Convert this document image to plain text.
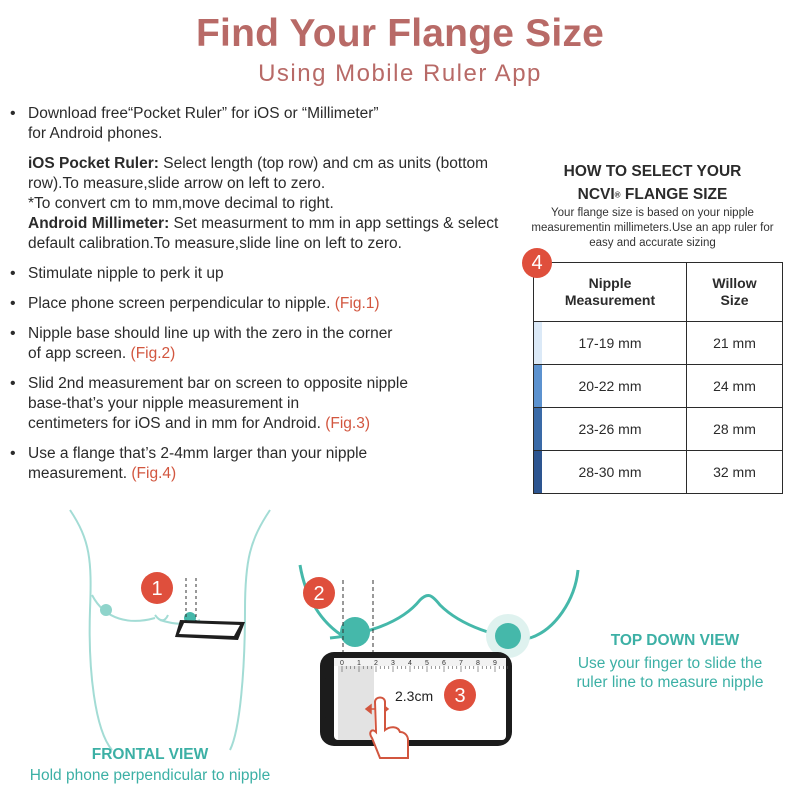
Find Your Flange Size
Using Mobile Ruler App
• Download free“Pocket Ruler” for iOS or “Millimeter”
for Android phones.
iOS Pocket Ruler: Select length (top row) and cm as units (bottom row).To measure,slide arrow on left to zero.
*To convert cm to mm,move decimal to right.
Android Millimeter: Set measurment to mm in app settings & select default calibration.To measure,slide line on left to zero.
• Stimulate nipple to perk it up
• Place phone screen perpendicular to nipple. (Fig.1)
• Nipple base should line up with the zero in the corner
of app screen. (Fig.2)
• Slid 2nd measurement bar on screen to opposite nipple
base-that’s your nipple measurement in
centimeters for iOS and in mm for Android. (Fig.3)
• Use a flange that’s 2-4mm larger than your nipple
measurement. (Fig.4)
HOW TO SELECT YOUR
NCVI® FLANGE SIZE
Your flange size is based on your nipple measurementin millimeters.Use an app ruler for easy and accurate sizing
Nipple
Measurement	Willow
Size
17-19 mm	21 mm
20-22 mm	24 mm
23-26 mm	28 mm
28-30 mm	32 mm
4
0 1 2 3 4 5 6 7 8 9
2.3cm
1	2
3
FRONTAL VIEW
Hold phone perpendicular to nipple
TOP DOWN VIEW
Use your finger to slide the
ruler line to measure nipple
